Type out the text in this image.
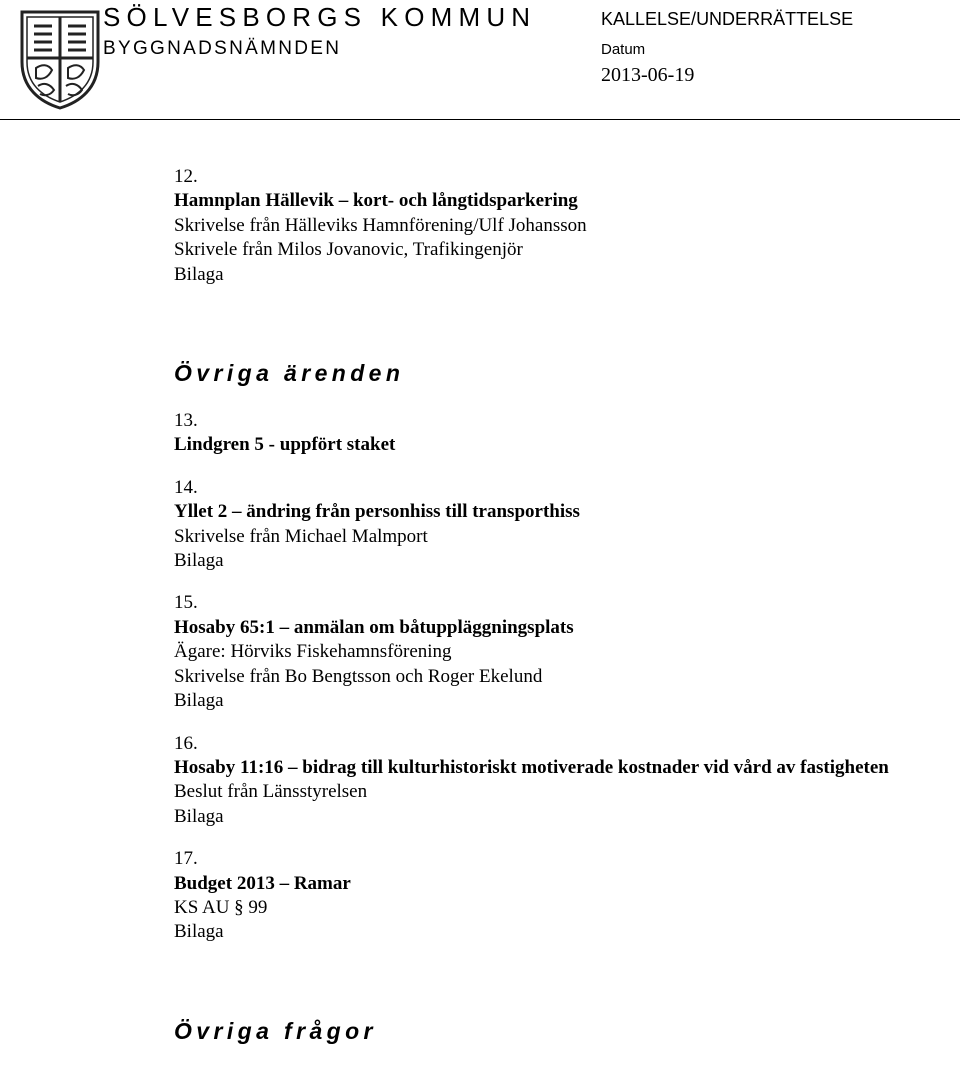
SÖLVESBORGS KOMMUN
BYGGNADSNÄMNDEN
KALLELSE/UNDERRÄTTELSE
Datum
2013-06-19

12.

Hamnplan Hällevik – kort- och långtidsparkering

Skrivelse från Hälleviks Hamnförening/Ulf Johansson

Skrivele från Milos Jovanovic, Trafikingenjör

Bilaga

Övriga ärenden

13.

Lindgren 5 - uppfört staket

14.

Yllet 2 – ändring från personhiss till transporthiss

Skrivelse från Michael Malmport

Bilaga

15.

Hosaby 65:1 – anmälan om båtuppläggningsplats

Ägare: Hörviks Fiskehamnsförening

Skrivelse från Bo Bengtsson och Roger Ekelund

Bilaga

16.

Hosaby 11:16 – bidrag till kulturhistoriskt motiverade kostnader vid vård av fastigheten

Beslut från Länsstyrelsen

Bilaga

17.

Budget 2013 – Ramar

KS AU § 99

Bilaga

Övriga frågor
